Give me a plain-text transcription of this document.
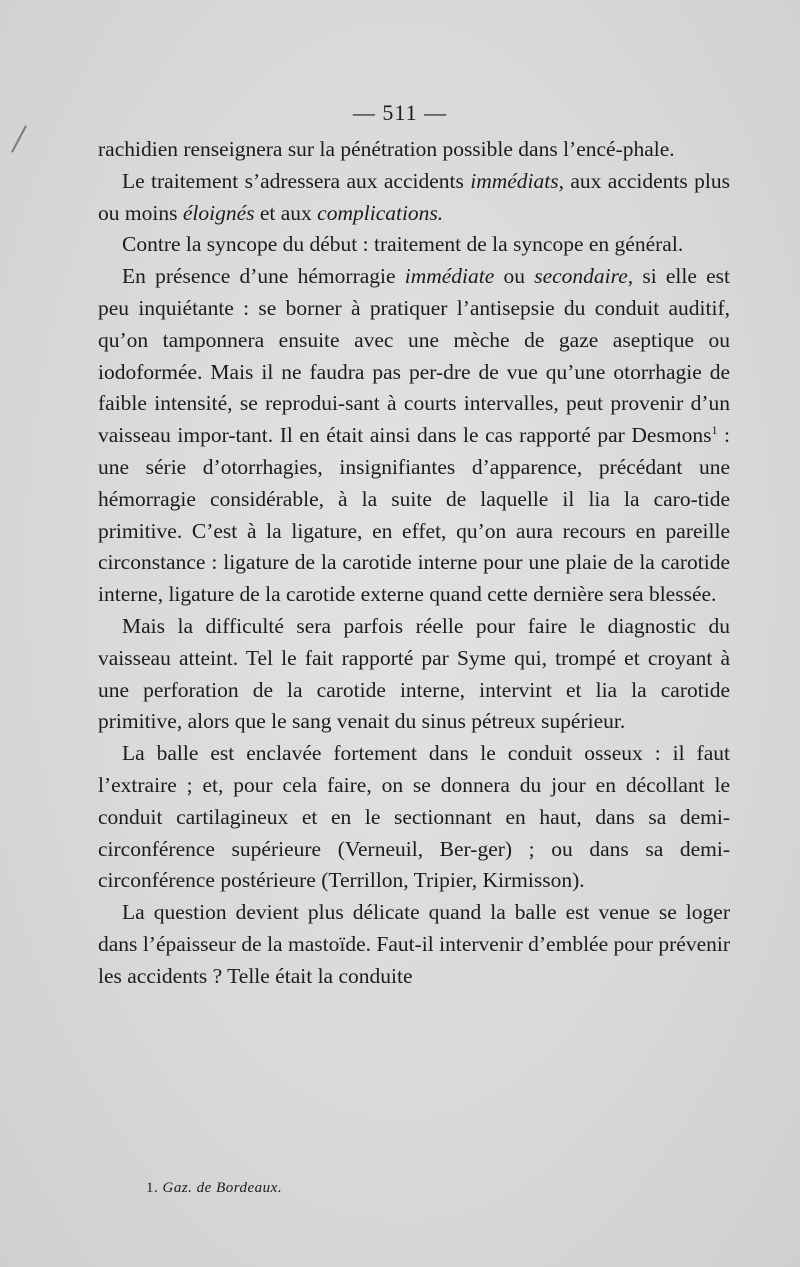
— 511 —

rachidien renseignera sur la pénétration possible dans l’encé-phale.

Le traitement s’adressera aux accidents immédiats, aux accidents plus ou moins éloignés et aux complications.

Contre la syncope du début : traitement de la syncope en général.

En présence d’une hémorragie immédiate ou secondaire, si elle est peu inquiétante : se borner à pratiquer l’antisepsie du conduit auditif, qu’on tamponnera ensuite avec une mèche de gaze aseptique ou iodoformée. Mais il ne faudra pas per-dre de vue qu’une otorrhagie de faible intensité, se reprodui-sant à courts intervalles, peut provenir d’un vaisseau impor-tant. Il en était ainsi dans le cas rapporté par Desmons$^1$ : une série d’otorrhagies, insignifiantes d’apparence, précédant une hémorragie considérable, à la suite de laquelle il lia la caro-tide primitive. C’est à la ligature, en effet, qu’on aura recours en pareille circonstance : ligature de la carotide interne pour une plaie de la carotide interne, ligature de la carotide externe quand cette dernière sera blessée.

Mais la difficulté sera parfois réelle pour faire le diagnostic du vaisseau atteint. Tel le fait rapporté par Syme qui, trompé et croyant à une perforation de la carotide interne, intervint et lia la carotide primitive, alors que le sang venait du sinus pétreux supérieur.

La balle est enclavée fortement dans le conduit osseux : il faut l’extraire ; et, pour cela faire, on se donnera du jour en décollant le conduit cartilagineux et en le sectionnant en haut, dans sa demi-circonférence supérieure (Verneuil, Ber-ger) ; ou dans sa demi-circonférence postérieure (Terrillon, Tripier, Kirmisson).

La question devient plus délicate quand la balle est venue se loger dans l’épaisseur de la mastoïde. Faut-il intervenir d’emblée pour prévenir les accidents ? Telle était la conduite

1. Gaz. de Bordeaux.
